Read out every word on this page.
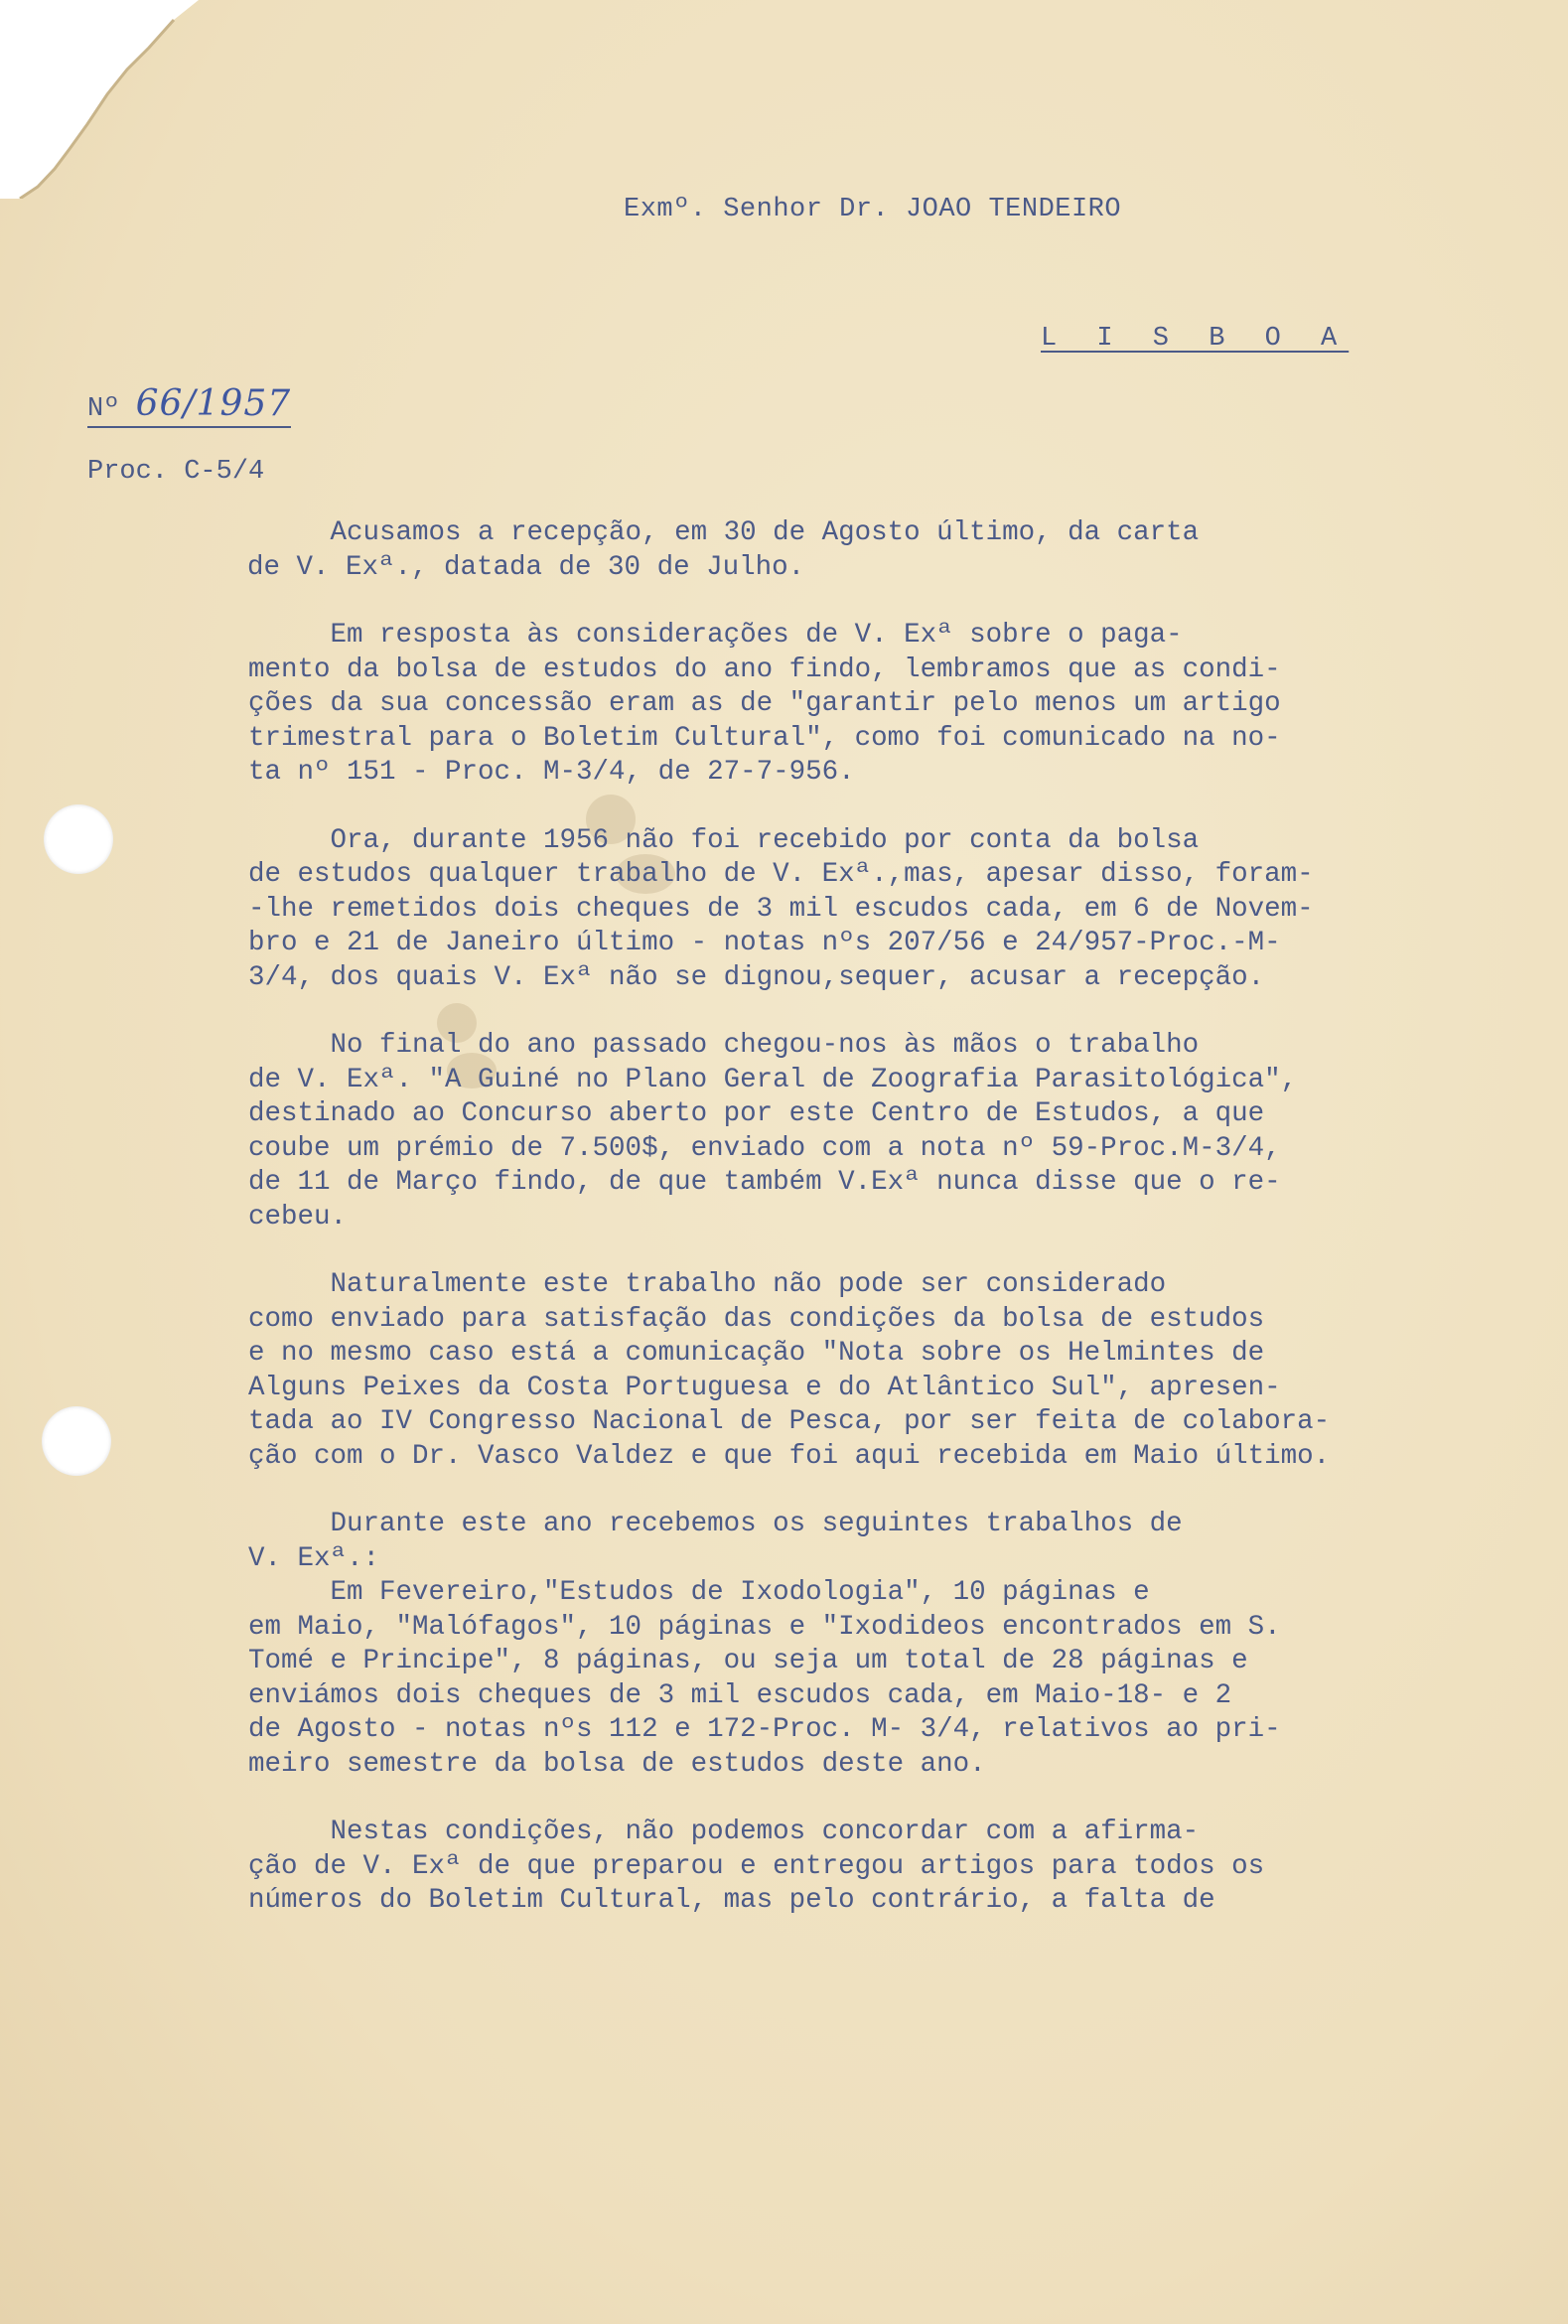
Exmº. Senhor Dr. JOAO TENDEIRO
L I S B O A
Nº 66/1957
Proc. C-5/4

Acusamos a recepção, em 30 de Agosto último, da carta

de V. Exª., datada de 30 de Julho.

Em resposta às considerações de V. Exª sobre o paga-

mento da bolsa de estudos do ano findo, lembramos que as condi-

ções da sua concessão eram as de "garantir pelo menos um artigo

trimestral para o Boletim Cultural", como foi comunicado na no-

ta nº 151 - Proc. M-3/4, de 27-7-956.

Ora, durante 1956 não foi recebido por conta da bolsa

de estudos qualquer trabalho de V. Exª.,mas, apesar disso, foram-

-lhe remetidos dois cheques de 3 mil escudos cada, em 6 de Novem-

bro e 21 de Janeiro último - notas nºs 207/56 e 24/957-Proc.-M-

3/4, dos quais V. Exª não se dignou,sequer, acusar a recepção.

No final do ano passado chegou-nos às mãos o trabalho

de V. Exª. "A Guiné no Plano Geral de Zoografia Parasitológica",

destinado ao Concurso aberto por este Centro de Estudos, a que

coube um prémio de 7.500$, enviado com a nota nº 59-Proc.M-3/4,

de 11 de Março findo, de que também V.Exª nunca disse que o re-

cebeu.

Naturalmente este trabalho não pode ser considerado

como enviado para satisfação das condições da bolsa de estudos

e no mesmo caso está a comunicação "Nota sobre os Helmintes de

Alguns Peixes da Costa Portuguesa e do Atlântico Sul", apresen-

tada ao IV Congresso Nacional de Pesca, por ser feita de colabora-

ção com o Dr. Vasco Valdez e que foi aqui recebida em Maio último.

Durante este ano recebemos os seguintes trabalhos de

V. Exª.:

Em Fevereiro,"Estudos de Ixodologia", 10 páginas e

em Maio, "Malófagos", 10 páginas e "Ixodideos encontrados em S.

Tomé e Principe", 8 páginas, ou seja um total de 28 páginas e

enviámos dois cheques de 3 mil escudos cada, em Maio-18- e 2

de Agosto - notas nºs 112 e 172-Proc. M- 3/4, relativos ao pri-

meiro semestre da bolsa de estudos deste ano.

Nestas condições, não podemos concordar com a afirma-

ção de V. Exª de que preparou e entregou artigos para todos os

números do Boletim Cultural, mas pelo contrário, a falta de
